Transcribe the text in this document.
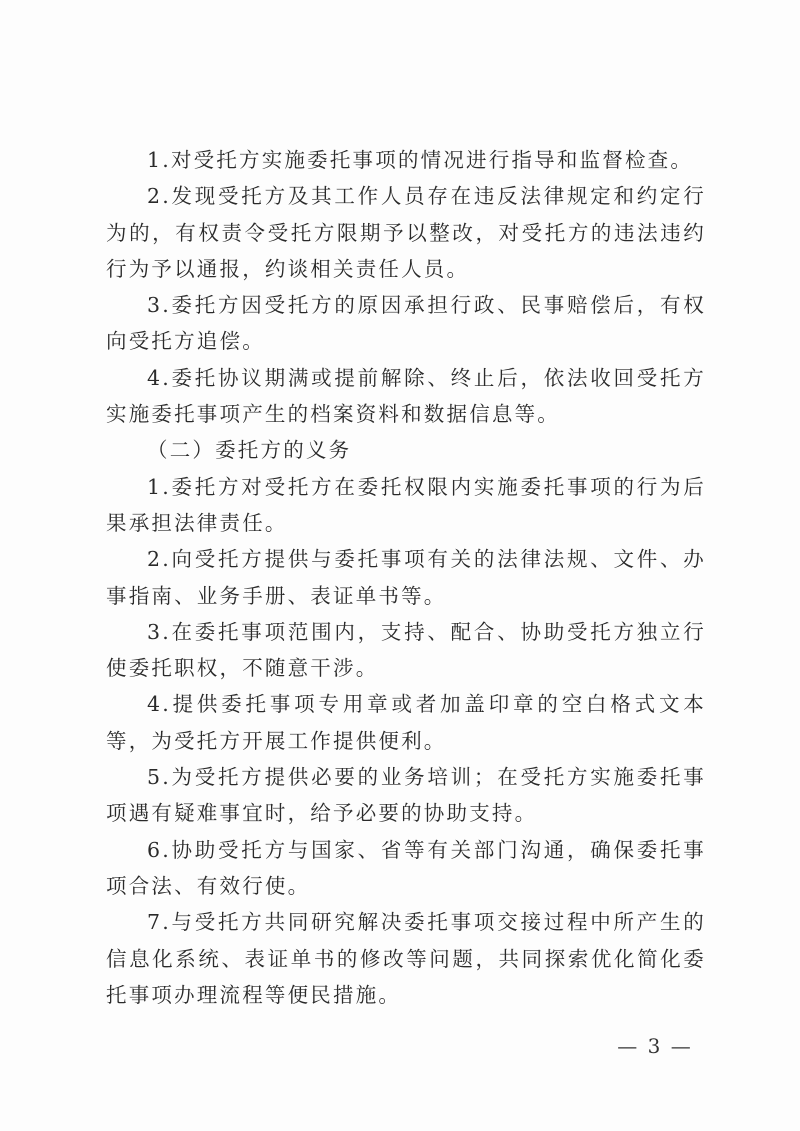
1.对受托方实施委托事项的情况进行指导和监督检查。

2.发现受托方及其工作人员存在违反法律规定和约定行为的，有权责令受托方限期予以整改，对受托方的违法违约行为予以通报，约谈相关责任人员。

3.委托方因受托方的原因承担行政、民事赔偿后，有权向受托方追偿。

4.委托协议期满或提前解除、终止后，依法收回受托方实施委托事项产生的档案资料和数据信息等。

（二）委托方的义务

1.委托方对受托方在委托权限内实施委托事项的行为后果承担法律责任。

2.向受托方提供与委托事项有关的法律法规、文件、办事指南、业务手册、表证单书等。

3.在委托事项范围内，支持、配合、协助受托方独立行使委托职权，不随意干涉。

4.提供委托事项专用章或者加盖印章的空白格式文本等，为受托方开展工作提供便利。

5.为受托方提供必要的业务培训；在受托方实施委托事项遇有疑难事宜时，给予必要的协助支持。

6.协助受托方与国家、省等有关部门沟通，确保委托事项合法、有效行使。

7.与受托方共同研究解决委托事项交接过程中所产生的信息化系统、表证单书的修改等问题，共同探索优化简化委托事项办理流程等便民措施。

— 3 —
